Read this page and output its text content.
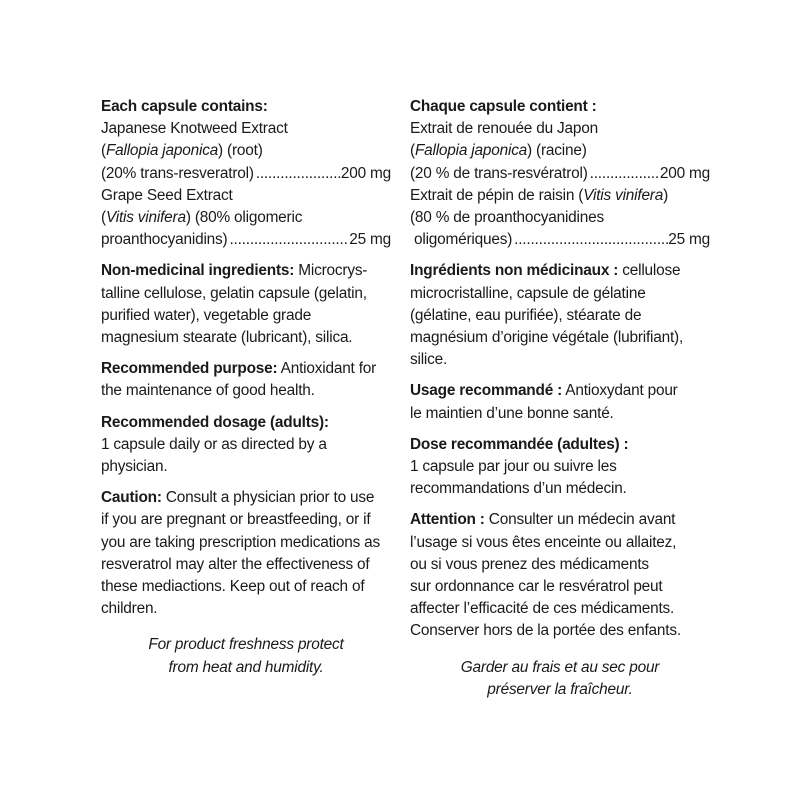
Each capsule contains:
Japanese Knotweed Extract
(Fallopia japonica) (root)
(20% trans-resveratrol) .....	200 mg
Grape Seed Extract
(Vitis vinifera) (80% oligomeric
proanthocyanidins) .....	25 mg
Non-medicinal ingredients: Microcrys-
talline cellulose, gelatin capsule (gelatin,
purified water), vegetable grade
magnesium stearate (lubricant), silica.
Recommended purpose: Antioxidant for
the maintenance of good health.
Recommended dosage (adults):
1 capsule daily or as directed by a
physician.
Caution: Consult a physician prior to use
if you are pregnant or breastfeeding, or if
you are taking prescription medications as
resveratrol may alter the effectiveness of
these mediactions. Keep out of reach of
children.
For product freshness protect
from heat and humidity.
Chaque capsule contient :
Extrait de renouée du Japon
(Fallopia japonica) (racine)
(20 % de trans-resvératrol) .....	200 mg
Extrait de pépin de raisin (Vitis vinifera)
(80 % de proanthocyanidines
oligomériques) .....	25 mg
Ingrédients non médicinaux : cellulose
microcristalline, capsule de gélatine
(gélatine, eau purifiée), stéarate de
magnésium d’origine végétale (lubrifiant),
silice.
Usage recommandé : Antioxydant pour
le maintien d’une bonne santé.
Dose recommandée (adultes) :
1 capsule par jour ou suivre les
recommandations d’un médecin.
Attention : Consulter un médecin avant
l’usage si vous êtes enceinte ou allaitez,
ou si vous prenez des médicaments
sur ordonnance car le resvératrol peut
affecter l’efficacité de ces médicaments.
Conserver hors de la portée des enfants.
Garder au frais et au sec pour
préserver la fraîcheur.
